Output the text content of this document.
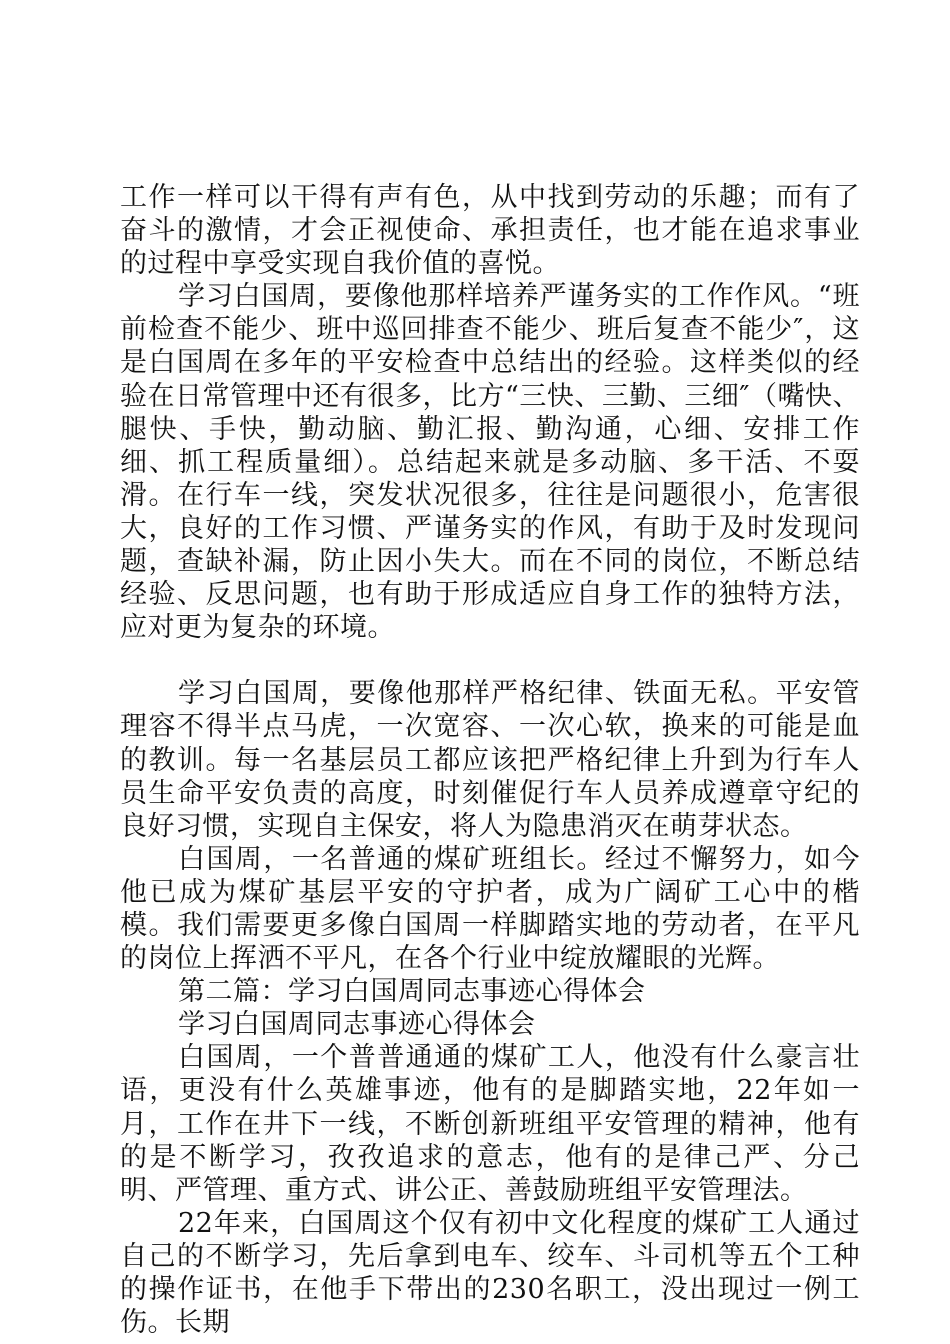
工作一样可以干得有声有色，从中找到劳动的乐趣；而有了奋斗的激情，才会正视使命、承担责任，也才能在追求事业的过程中享受实现自我价值的喜悦。

学习白国周，要像他那样培养严谨务实的工作作风。“班前检查不能少、班中巡回排查不能少、班后复查不能少″，这是白国周在多年的平安检查中总结出的经验。这样类似的经验在日常管理中还有很多，比方“三快、三勤、三细″（嘴快、腿快、手快，勤动脑、勤汇报、勤沟通，心细、安排工作细、抓工程质量细）。总结起来就是多动脑、多干活、不耍滑。在行车一线，突发状况很多，往往是问题很小，危害很大，良好的工作习惯、严谨务实的作风，有助于及时发现问题，查缺补漏，防止因小失大。而在不同的岗位，不断总结经验、反思问题，也有助于形成适应自身工作的独特方法，应对更为复杂的环境。

学习白国周，要像他那样严格纪律、铁面无私。平安管理容不得半点马虎，一次宽容、一次心软，换来的可能是血的教训。每一名基层员工都应该把严格纪律上升到为行车人员生命平安负责的高度，时刻催促行车人员养成遵章守纪的良好习惯，实现自主保安，将人为隐患消灭在萌芽状态。

白国周，一名普通的煤矿班组长。经过不懈努力，如今他已成为煤矿基层平安的守护者，成为广阔矿工心中的楷模。我们需要更多像白国周一样脚踏实地的劳动者，在平凡的岗位上挥洒不平凡，在各个行业中绽放耀眼的光辉。

第二篇：学习白国周同志事迹心得体会

学习白国周同志事迹心得体会

白国周，一个普普通通的煤矿工人，他没有什么豪言壮语，更没有什么英雄事迹，他有的是脚踏实地，22年如一月，工作在井下一线，不断创新班组平安管理的精神，他有的是不断学习，孜孜追求的意志，他有的是律己严、分己明、严管理、重方式、讲公正、善鼓励班组平安管理法。

22年来，白国周这个仅有初中文化程度的煤矿工人通过自己的不断学习，先后拿到电车、绞车、斗司机等五个工种的操作证书，在他手下带出的230名职工，没出现过一例工伤。长期
